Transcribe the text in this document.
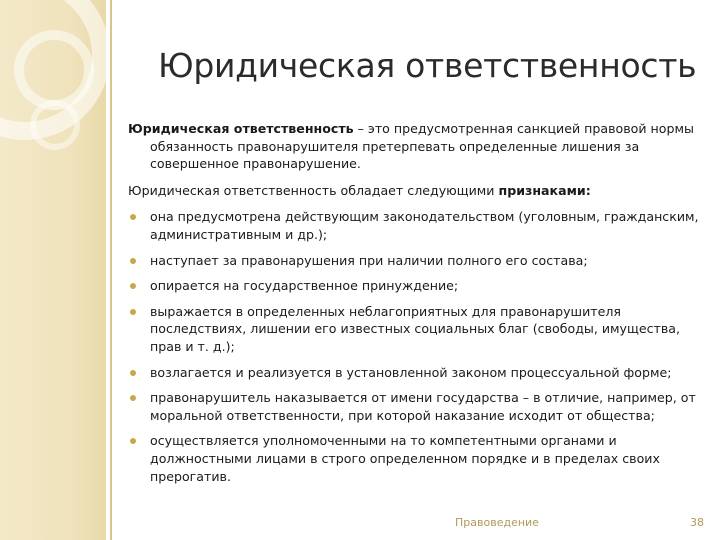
Юридическая ответственность

Юридическая ответственность – это предусмотренная санкцией правовой нормы обязанность правонарушителя претерпевать определенные лишения за совершенное правонарушение.

Юридическая ответственность обладает следующими признаками:

она предусмотрена действующим законодательством (уголовным, гражданским, административным и др.);
наступает за правонарушения при наличии полного его состава;
опирается на государственное принуждение;
выражается в определенных неблагоприятных для правонарушителя последствиях, лишении его известных социальных благ (свободы, имущества, прав и т. д.);
возлагается и реализуется в установленной законом процессуальной форме;
правонарушитель наказывается от имени государства – в отличие, например, от моральной ответственности, при которой наказание исходит от общества;
осуществляется уполномоченными на то компетентными органами и должностными лицами в строго определенном порядке и в пределах своих прерогатив.
Правоведение	38
